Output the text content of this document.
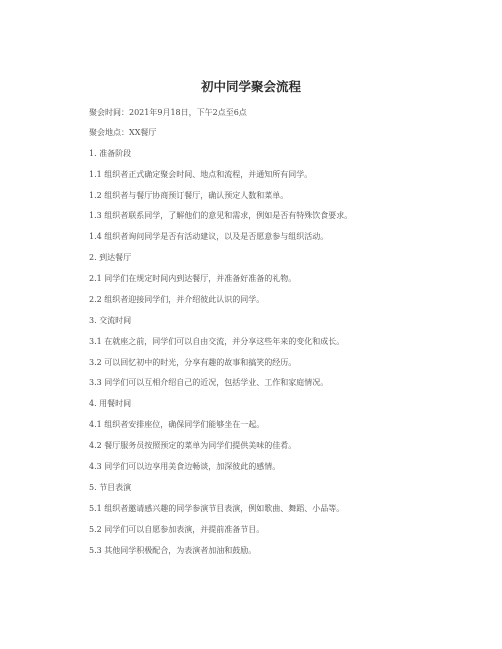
初中同学聚会流程
聚会时间：2021年9月18日，下午2点至6点
聚会地点：XX餐厅
1. 准备阶段
1.1 组织者正式确定聚会时间、地点和流程，并通知所有同学。
1.2 组织者与餐厅协商预订餐厅，确认预定人数和菜单。
1.3 组织者联系同学，了解他们的意见和需求，例如是否有特殊饮食要求。
1.4 组织者询问同学是否有活动建议，以及是否愿意参与组织活动。
2. 到达餐厅
2.1 同学们在规定时间内到达餐厅，并准备好准备的礼物。
2.2 组织者迎接同学们，并介绍彼此认识的同学。
3. 交流时间
3.1 在就座之前，同学们可以自由交流，并分享这些年来的变化和成长。
3.2 可以回忆初中的时光，分享有趣的故事和搞笑的经历。
3.3 同学们可以互相介绍自己的近况，包括学业、工作和家庭情况。
4. 用餐时间
4.1 组织者安排座位，确保同学们能够坐在一起。
4.2 餐厅服务员按照预定的菜单为同学们提供美味的佳肴。
4.3 同学们可以边享用美食边畅谈，加深彼此的感情。
5. 节目表演
5.1 组织者邀请感兴趣的同学参演节目表演，例如歌曲、舞蹈、小品等。
5.2 同学们可以自愿参加表演，并提前准备节目。
5.3 其他同学积极配合，为表演者加油和鼓励。
